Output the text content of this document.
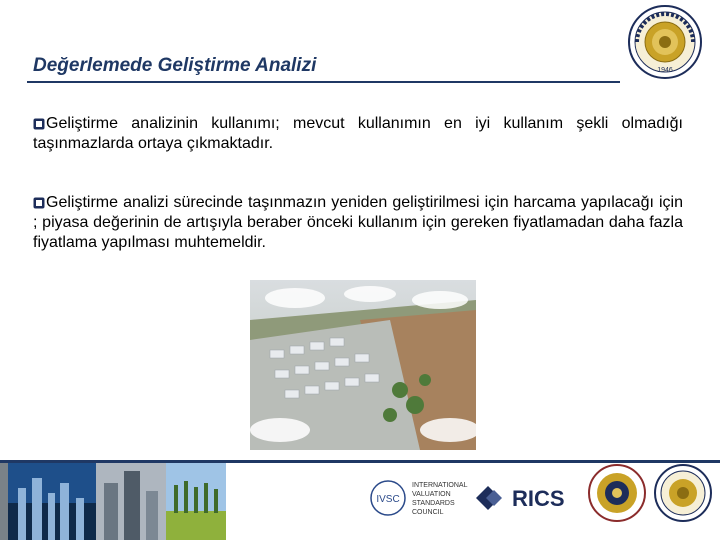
Değerlemede Geliştirme Analizi	1946
Geliştirme analizinin kullanımı; mevcut kullanımın en iyi kullanım şekli olmadığı taşınmazlarda ortaya çıkmaktadır.
Geliştirme analizi sürecinde taşınmazın yeniden geliştirilmesi için harcama yapılacağı için ; piyasa değerinin de artışıyla beraber önceki kullanım için gereken fiyatlamadan daha fazla fiyatlama yapılması muhtemeldir.
IVSC
INTERNATIONAL
VALUATION
STANDARDS
COUNCIL
RICS
